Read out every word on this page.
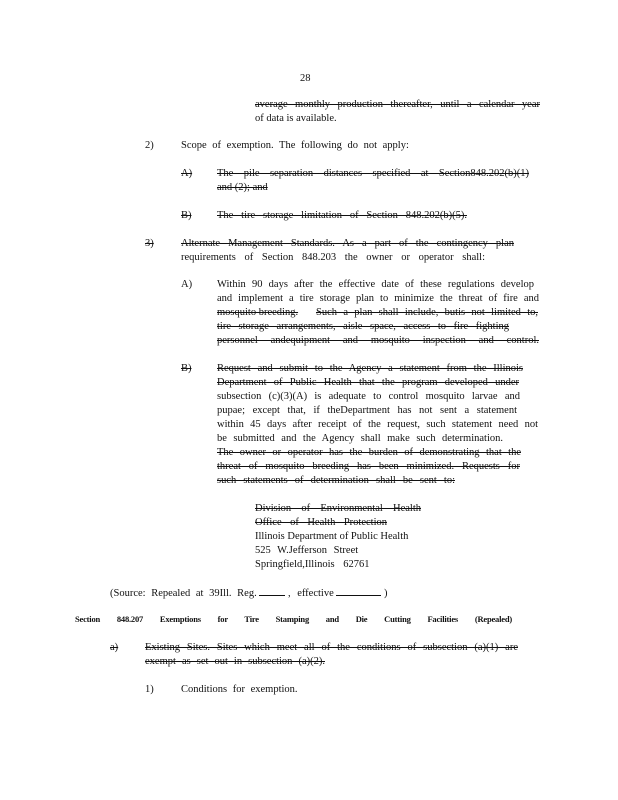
28
average monthly production thereafter, until a calendar year
of data is available.
2)	Scope of exemption. The following do not apply:
A) The pile separation distances specified at Section848.202(b)(1)
and (2); and
B) The tire storage limitation of Section 848.202(b)(5).
3)	Alternate Management Standards. As a part of the contingency plan
requirements of Section 848.203 the owner or operator shall:
A) Within 90 days after the effective date of these regulations develop
and implement a tire storage plan to minimize the threat of fire and
mosquito breeding.	Such a plan shall include, butis not limited to,
tire storage arrangements, aisle space, access to fire fighting
personnel andequipment and mosquito inspection and control.
B) Request and submit to the Agency a statement from the Illinois
Department of Public Health that the program developed under
subsection (c)(3)(A) is adequate to control mosquito larvae and
pupae; except that, if theDepartment has not sent a statement
within 45 days after receipt of the request, such statement need not
be submitted and the Agency shall make such determination.
The owner or operator has the burden of demonstrating that the
threat of mosquito breeding has been minimized. Requests for
such statements of determination shall be sent to:
Division of Environmental Health
Office of Health Protection
Illinois Department of Public Health
525 W.Jefferson Street
Springfield,Illinois 62761
(Source: Repealed at 39Ill. Reg.	, effective	)
Section 848.207 Exemptions for Tire Stamping and Die Cutting Facilities (Repealed)
a)	Existing Sites. Sites which meet all of the conditions of subsection (a)(1) are
exempt as set out in subsection (a)(2).
1)	Conditions for exemption.
